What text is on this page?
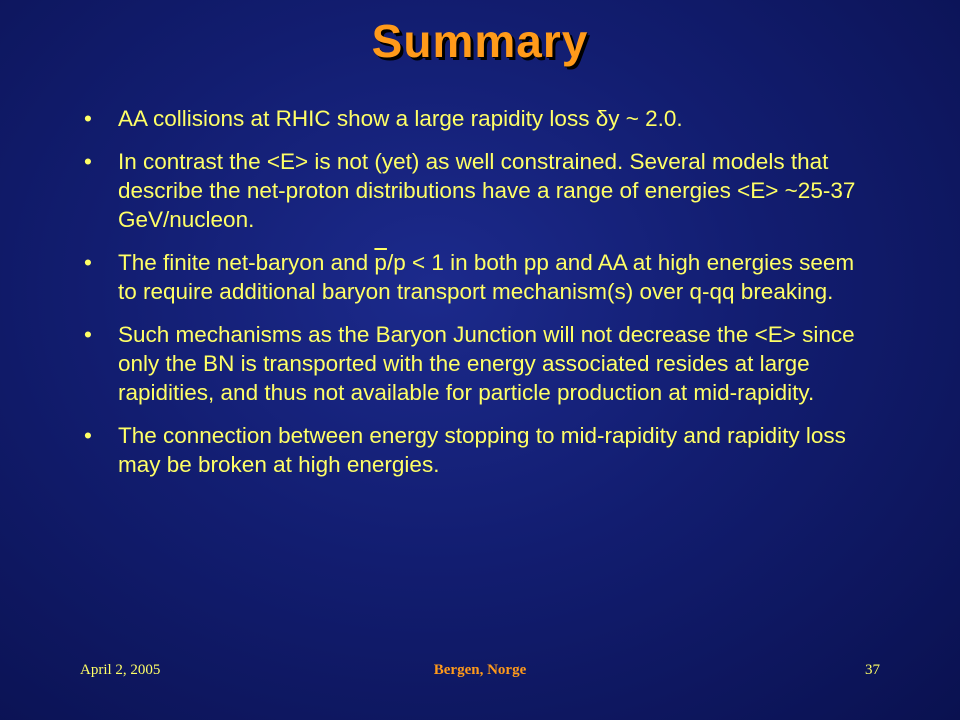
Summary
• AA collisions at RHIC show a large rapidity loss δy ~ 2.0.
• In contrast the <E> is not (yet) as well constrained. Several models that describe the net-proton distributions have a range of energies <E> ~25-37 GeV/nucleon.
• The finite net-baryon and $\overline{p}/p < 1$ in both pp and AA at high energies seem to require additional baryon transport mechanism(s) over q-qq breaking.
• Such mechanisms as the Baryon Junction will not decrease the <E> since only the BN is transported with the energy associated resides at large rapidities, and thus not available for particle production at mid-rapidity.
• The connection between energy stopping to mid-rapidity and rapidity loss may be broken at high energies.
April 2, 2005	Bergen, Norge	37
